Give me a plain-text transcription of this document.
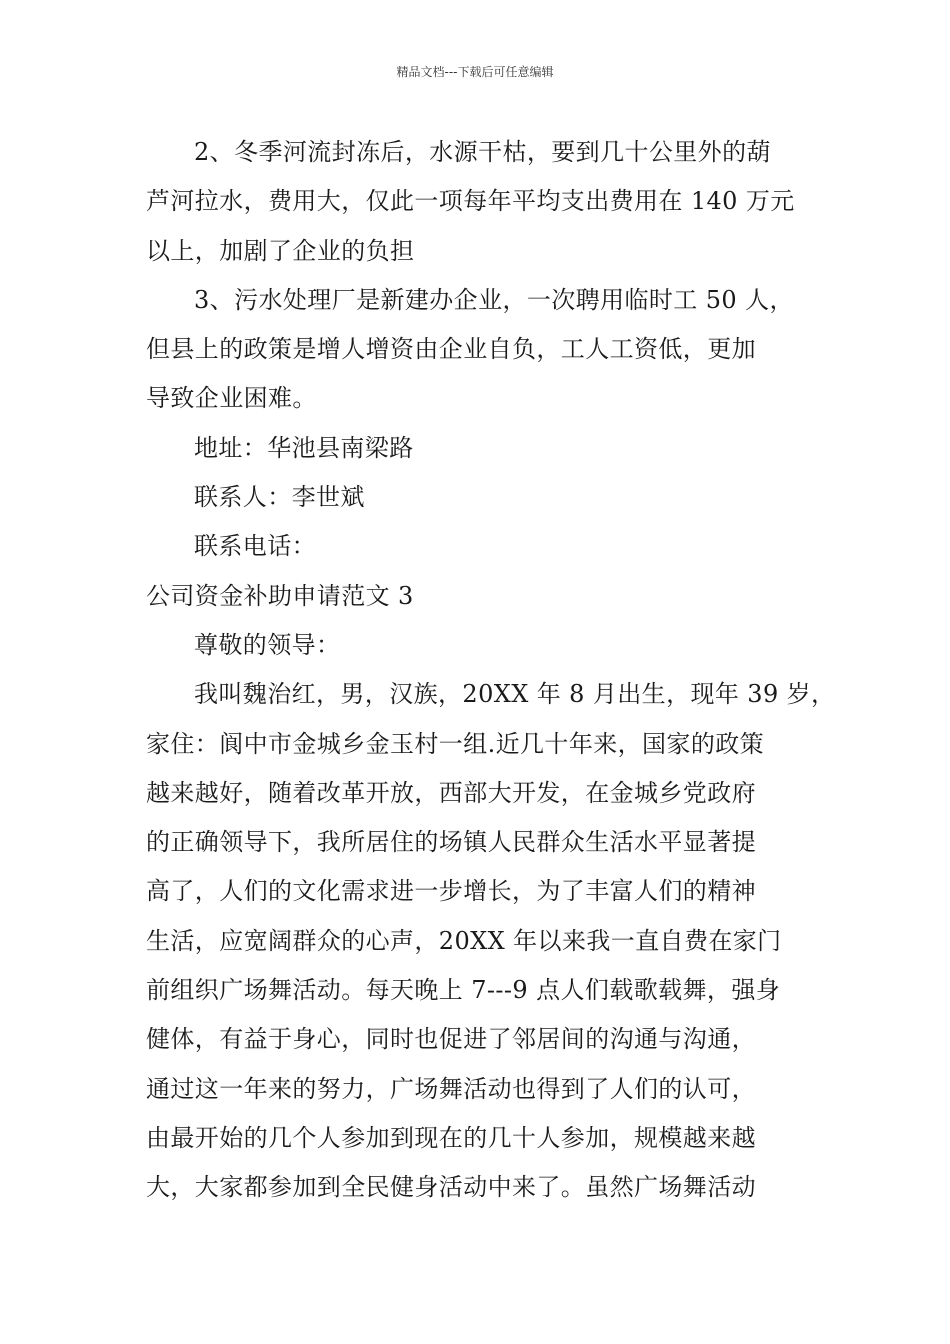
精品文档---下载后可任意编辑

2、冬季河流封冻后，水源干枯，要到几十公里外的葫
芦河拉水，费用大，仅此一项每年平均支出费用在 140 万元
以上，加剧了企业的负担

3、污水处理厂是新建办企业，一次聘用临时工 50 人，
但县上的政策是增人增资由企业自负，工人工资低，更加
导致企业困难。

地址：华池县南梁路

联系人：李世斌

联系电话：

公司资金补助申请范文 3

尊敬的领导：

我叫魏治红，男，汉族，20XX 年 8 月出生，现年 39 岁，
家住：阆中市金城乡金玉村一组.近几十年来，国家的政策
越来越好，随着改革开放，西部大开发，在金城乡党政府
的正确领导下，我所居住的场镇人民群众生活水平显著提
高了，人们的文化需求进一步增长，为了丰富人们的精神
生活，应宽阔群众的心声，20XX 年以来我一直自费在家门
前组织广场舞活动。每天晚上 7---9 点人们载歌载舞，强身
健体，有益于身心，同时也促进了邻居间的沟通与沟通，
通过这一年来的努力，广场舞活动也得到了人们的认可，
由最开始的几个人参加到现在的几十人参加，规模越来越
大，大家都参加到全民健身活动中来了。虽然广场舞活动
